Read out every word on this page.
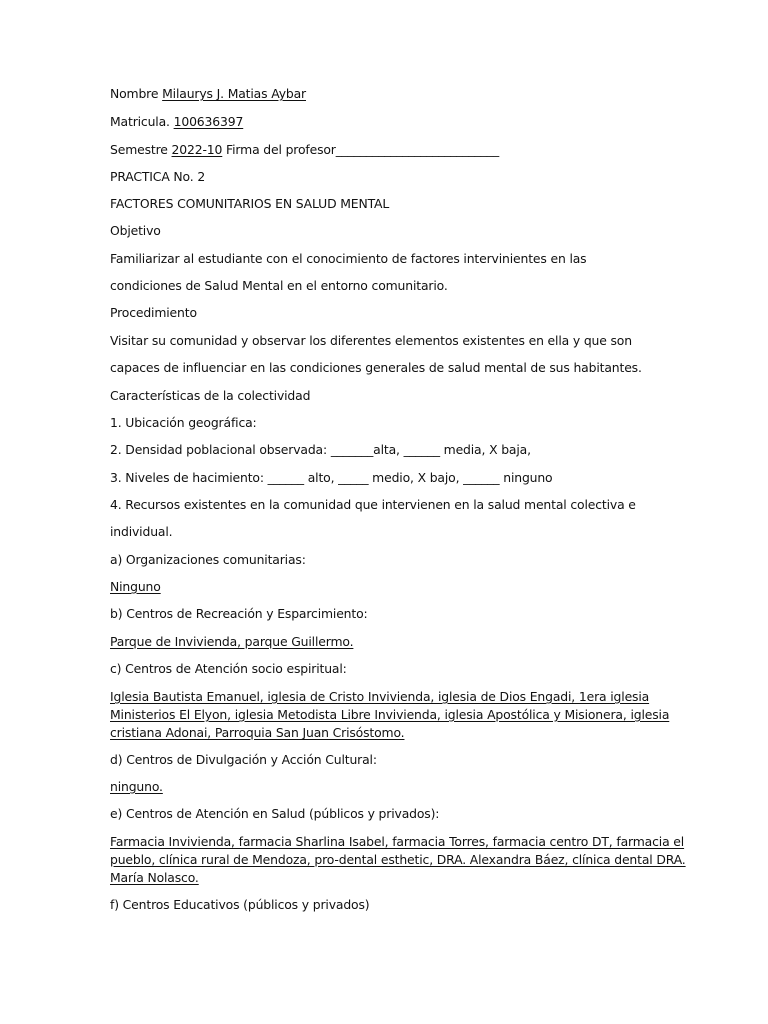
Nombre Milaurys J. Matias Aybar
Matricula. 100636397
Semestre 2022-10 Firma del profesor___________________________
PRACTICA No. 2
FACTORES COMUNITARIOS EN SALUD MENTAL
Objetivo
Familiarizar al estudiante con el conocimiento de factores intervinientes en las
condiciones de Salud Mental en el entorno comunitario.
Procedimiento
Visitar su comunidad y observar los diferentes elementos existentes en ella y que son
capaces de influenciar en las condiciones generales de salud mental de sus habitantes.
Características de la colectividad
1. Ubicación geográfica:
2. Densidad poblacional observada: _______alta, ______ media, X baja,
3. Niveles de hacimiento: ______ alto, _____ medio, X bajo, ______ ninguno
4. Recursos existentes en la comunidad que intervienen en la salud mental colectiva e
individual.
a) Organizaciones comunitarias:
Ninguno
b) Centros de Recreación y Esparcimiento:
Parque de Invivienda, parque Guillermo.
c) Centros de Atención socio espiritual:
Iglesia Bautista Emanuel, iglesia de Cristo Invivienda, iglesia de Dios Engadi, 1era iglesia
Ministerios El Elyon, iglesia Metodista Libre Invivienda, iglesia Apostólica y Misionera, iglesia
cristiana Adonai, Parroquia San Juan Crisóstomo.
d) Centros de Divulgación y Acción Cultural:
ninguno.
e) Centros de Atención en Salud (públicos y privados):
Farmacia Invivienda, farmacia Sharlina Isabel, farmacia Torres, farmacia centro DT, farmacia el
pueblo, clínica rural de Mendoza, pro-dental esthetic, DRA. Alexandra Báez, clínica dental DRA.
María Nolasco.
f) Centros Educativos (públicos y privados)
